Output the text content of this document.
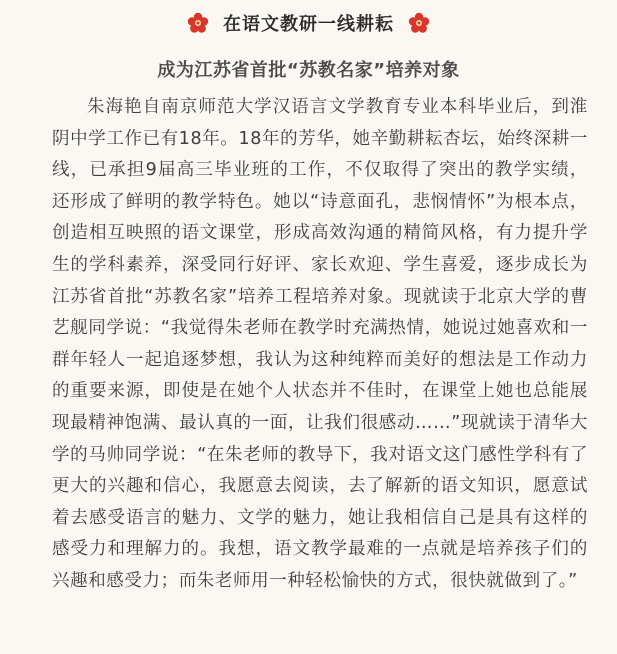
在语文教研一线耕耘
成为江苏省首批“苏教名家”培养对象

朱海艳自南京师范大学汉语言文学教育专业本科毕业后，到淮阴中学工作已有18年。18年的芳华，她辛勤耕耘杏坛，始终深耕一线，已承担9届高三毕业班的工作，不仅取得了突出的教学实绩，还形成了鲜明的教学特色。她以“诗意面孔，悲悯情怀”为根本点，创造相互映照的语文课堂，形成高效沟通的精简风格，有力提升学生的学科素养，深受同行好评、家长欢迎、学生喜爱，逐步成长为江苏省首批“苏教名家”培养工程培养对象。现就读于北京大学的曹艺舰同学说：“我觉得朱老师在教学时充满热情，她说过她喜欢和一群年轻人一起追逐梦想，我认为这种纯粹而美好的想法是工作动力的重要来源，即使是在她个人状态并不佳时，在课堂上她也总能展现最精神饱满、最认真的一面，让我们很感动……”现就读于清华大学的马帅同学说：“在朱老师的教导下，我对语文这门感性学科有了更大的兴趣和信心，我愿意去阅读，去了解新的语文知识，愿意试着去感受语言的魅力、文学的魅力，她让我相信自己是具有这样的感受力和理解力的。我想，语文教学最难的一点就是培养孩子们的兴趣和感受力；而朱老师用一种轻松愉快的方式，很快就做到了。”
